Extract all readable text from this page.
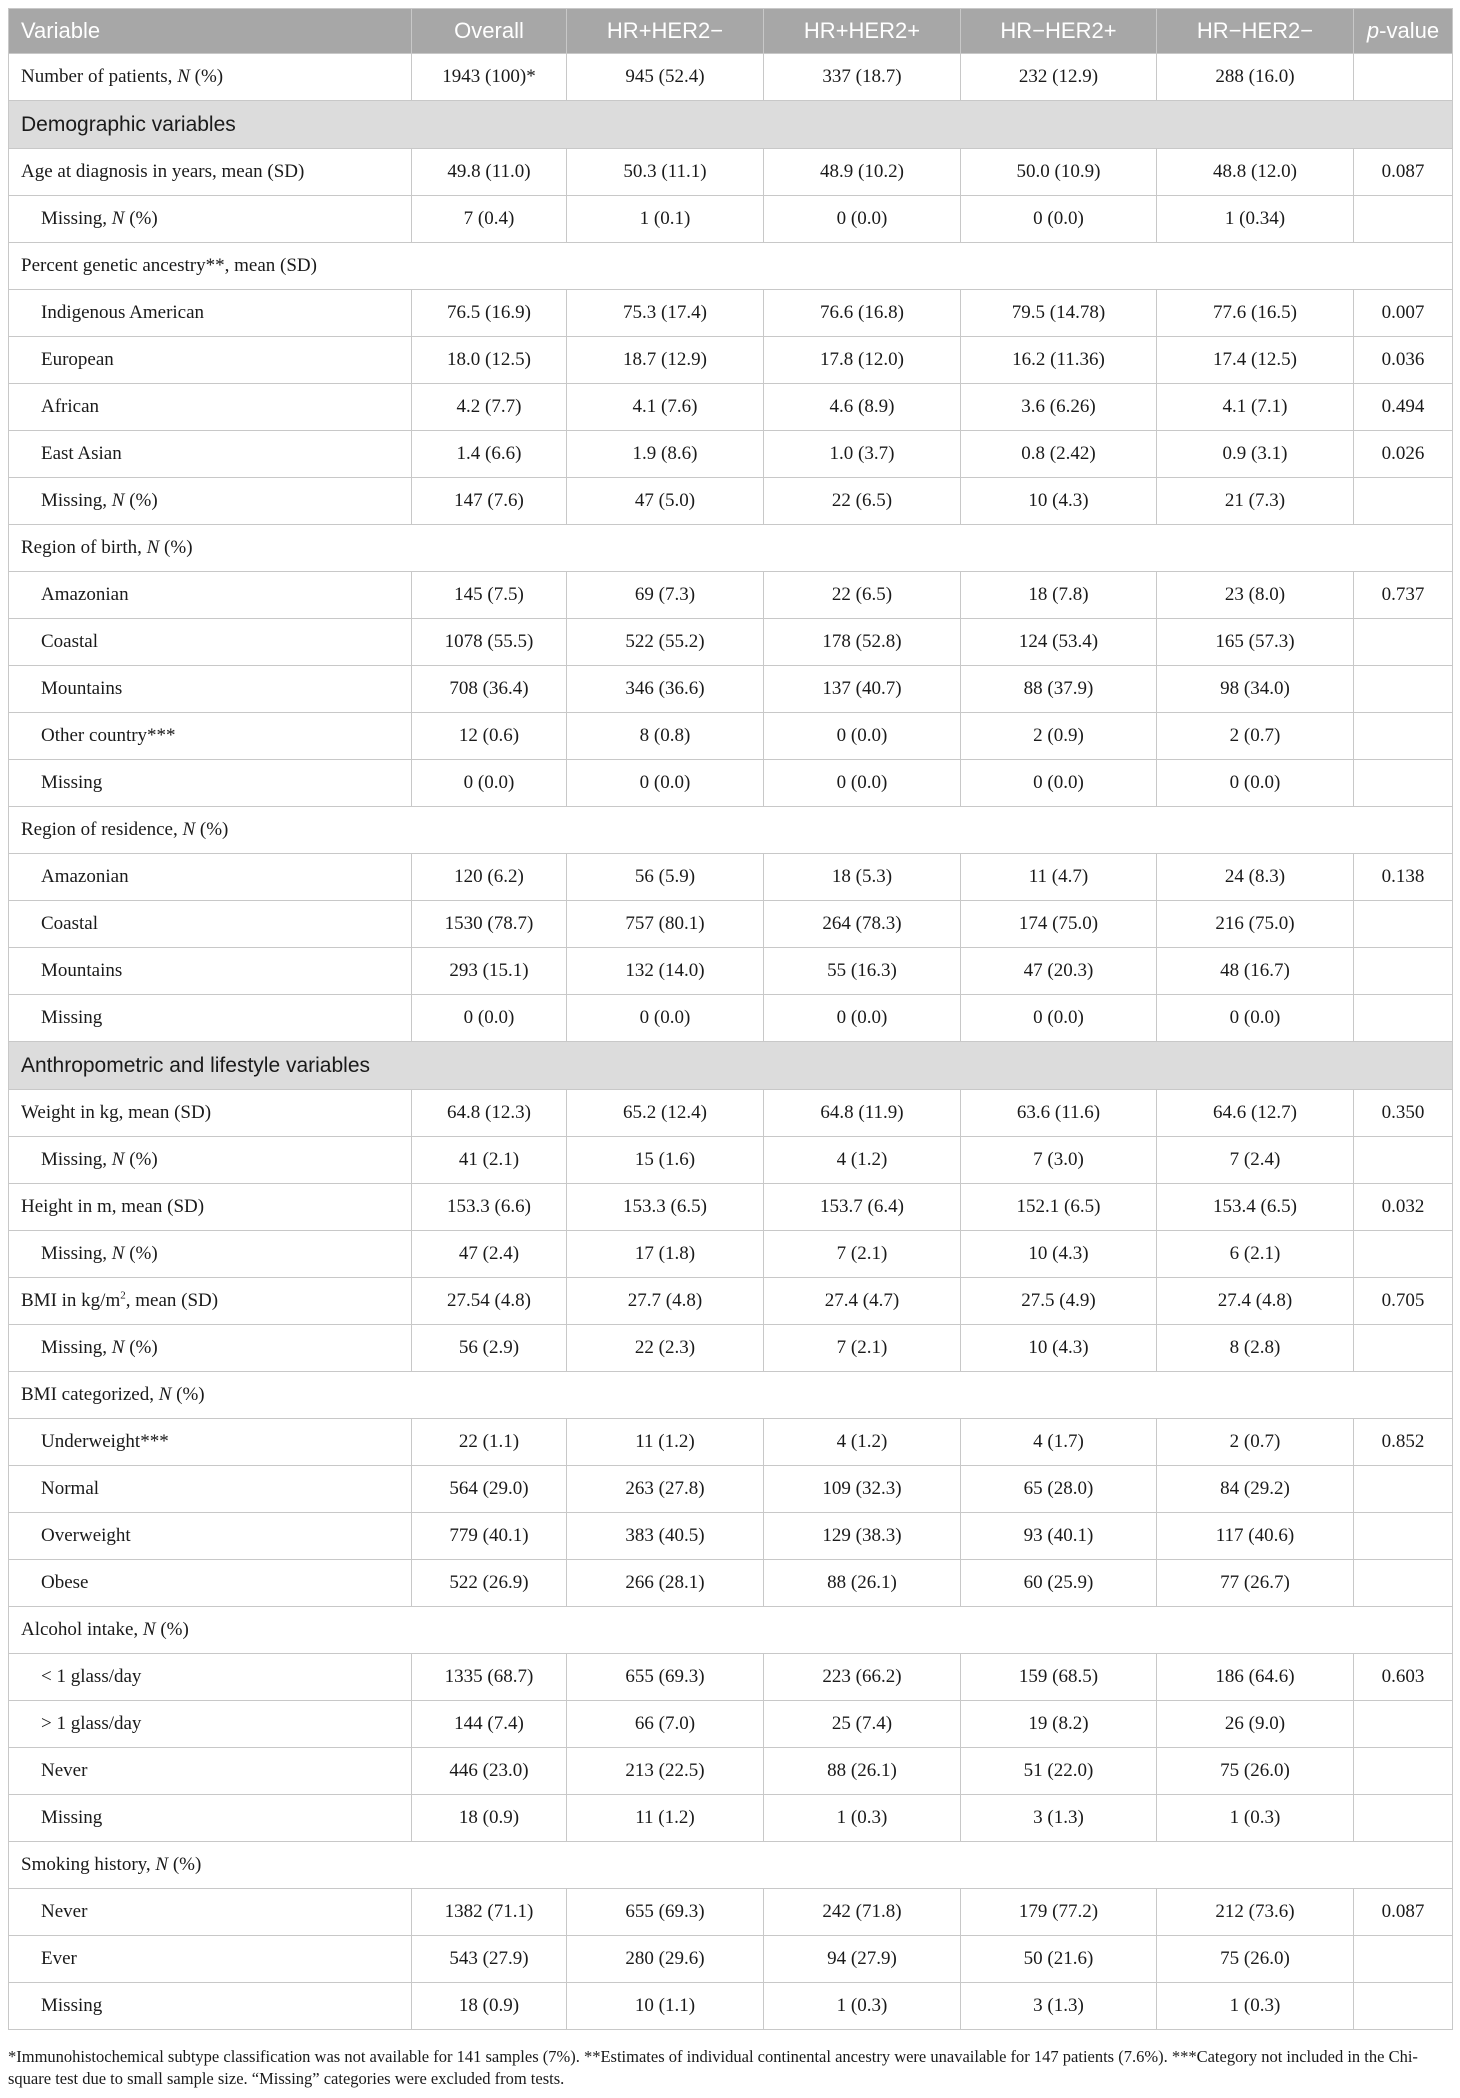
Variable	Overall	HR+HER2−	HR+HER2+	HR−HER2+	HR−HER2−	p-value
Number of patients, N (%)	1943 (100)*	945 (52.4)	337 (18.7)	232 (12.9)	288 (16.0)	
Demographic variables						
Age at diagnosis in years, mean (SD)	49.8 (11.0)	50.3 (11.1)	48.9 (10.2)	50.0 (10.9)	48.8 (12.0)	0.087
Missing, N (%)	7 (0.4)	1 (0.1)	0 (0.0)	0 (0.0)	1 (0.34)	
Percent genetic ancestry**, mean (SD)						
Indigenous American	76.5 (16.9)	75.3 (17.4)	76.6 (16.8)	79.5 (14.78)	77.6 (16.5)	0.007
European	18.0 (12.5)	18.7 (12.9)	17.8 (12.0)	16.2 (11.36)	17.4 (12.5)	0.036
African	4.2 (7.7)	4.1 (7.6)	4.6 (8.9)	3.6 (6.26)	4.1 (7.1)	0.494
East Asian	1.4 (6.6)	1.9 (8.6)	1.0 (3.7)	0.8 (2.42)	0.9 (3.1)	0.026
Missing, N (%)	147 (7.6)	47 (5.0)	22 (6.5)	10 (4.3)	21 (7.3)	
Region of birth, N (%)						
Amazonian	145 (7.5)	69 (7.3)	22 (6.5)	18 (7.8)	23 (8.0)	0.737
Coastal	1078 (55.5)	522 (55.2)	178 (52.8)	124 (53.4)	165 (57.3)	
Mountains	708 (36.4)	346 (36.6)	137 (40.7)	88 (37.9)	98 (34.0)	
Other country***	12 (0.6)	8 (0.8)	0 (0.0)	2 (0.9)	2 (0.7)	
Missing	0 (0.0)	0 (0.0)	0 (0.0)	0 (0.0)	0 (0.0)	
Region of residence, N (%)						
Amazonian	120 (6.2)	56 (5.9)	18 (5.3)	11 (4.7)	24 (8.3)	0.138
Coastal	1530 (78.7)	757 (80.1)	264 (78.3)	174 (75.0)	216 (75.0)	
Mountains	293 (15.1)	132 (14.0)	55 (16.3)	47 (20.3)	48 (16.7)	
Missing	0 (0.0)	0 (0.0)	0 (0.0)	0 (0.0)	0 (0.0)	
Anthropometric and lifestyle variables						
Weight in kg, mean (SD)	64.8 (12.3)	65.2 (12.4)	64.8 (11.9)	63.6 (11.6)	64.6 (12.7)	0.350
Missing, N (%)	41 (2.1)	15 (1.6)	4 (1.2)	7 (3.0)	7 (2.4)	
Height in m, mean (SD)	153.3 (6.6)	153.3 (6.5)	153.7 (6.4)	152.1 (6.5)	153.4 (6.5)	0.032
Missing, N (%)	47 (2.4)	17 (1.8)	7 (2.1)	10 (4.3)	6 (2.1)	
BMI in $kg/m^2$, mean (SD)	27.54 (4.8)	27.7 (4.8)	27.4 (4.7)	27.5 (4.9)	27.4 (4.8)	0.705
Missing, N (%)	56 (2.9)	22 (2.3)	7 (2.1)	10 (4.3)	8 (2.8)	
BMI categorized, N (%)						
Underweight***	22 (1.1)	11 (1.2)	4 (1.2)	4 (1.7)	2 (0.7)	0.852
Normal	564 (29.0)	263 (27.8)	109 (32.3)	65 (28.0)	84 (29.2)	
Overweight	779 (40.1)	383 (40.5)	129 (38.3)	93 (40.1)	117 (40.6)	
Obese	522 (26.9)	266 (28.1)	88 (26.1)	60 (25.9)	77 (26.7)	
Alcohol intake, N (%)						
< 1 glass/day	1335 (68.7)	655 (69.3)	223 (66.2)	159 (68.5)	186 (64.6)	0.603
> 1 glass/day	144 (7.4)	66 (7.0)	25 (7.4)	19 (8.2)	26 (9.0)	
Never	446 (23.0)	213 (22.5)	88 (26.1)	51 (22.0)	75 (26.0)	
Missing	18 (0.9)	11 (1.2)	1 (0.3)	3 (1.3)	1 (0.3)	
Smoking history, N (%)						
Never	1382 (71.1)	655 (69.3)	242 (71.8)	179 (77.2)	212 (73.6)	0.087
Ever	543 (27.9)	280 (29.6)	94 (27.9)	50 (21.6)	75 (26.0)	
Missing	18 (0.9)	10 (1.1)	1 (0.3)	3 (1.3)	1 (0.3)	
*Immunohistochemical subtype classification was not available for 141 samples (7%). **Estimates of individual continental ancestry were unavailable for 147 patients (7.6%). ***Category not included in the Chi-square test due to small sample size. “Missing” categories were excluded from tests.
